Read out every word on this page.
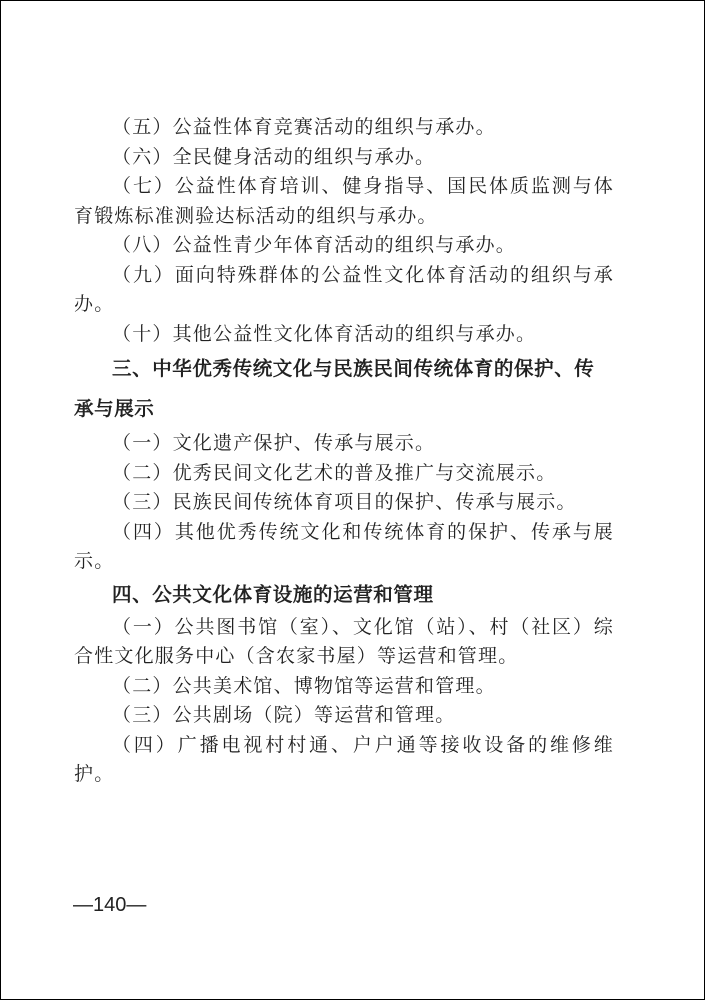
（五）公益性体育竞赛活动的组织与承办。

（六）全民健身活动的组织与承办。

（七）公益性体育培训、健身指导、国民体质监测与体育锻炼标准测验达标活动的组织与承办。

（八）公益性青少年体育活动的组织与承办。

（九）面向特殊群体的公益性文化体育活动的组织与承办。

（十）其他公益性文化体育活动的组织与承办。

三、中华优秀传统文化与民族民间传统体育的保护、传承与展示

（一）文化遗产保护、传承与展示。

（二）优秀民间文化艺术的普及推广与交流展示。

（三）民族民间传统体育项目的保护、传承与展示。

（四）其他优秀传统文化和传统体育的保护、传承与展示。

四、公共文化体育设施的运营和管理

（一）公共图书馆（室）、文化馆（站）、村（社区）综合性文化服务中心（含农家书屋）等运营和管理。

（二）公共美术馆、博物馆等运营和管理。

（三）公共剧场（院）等运营和管理。

（四）广播电视村村通、户户通等接收设备的维修维护。

—140—
